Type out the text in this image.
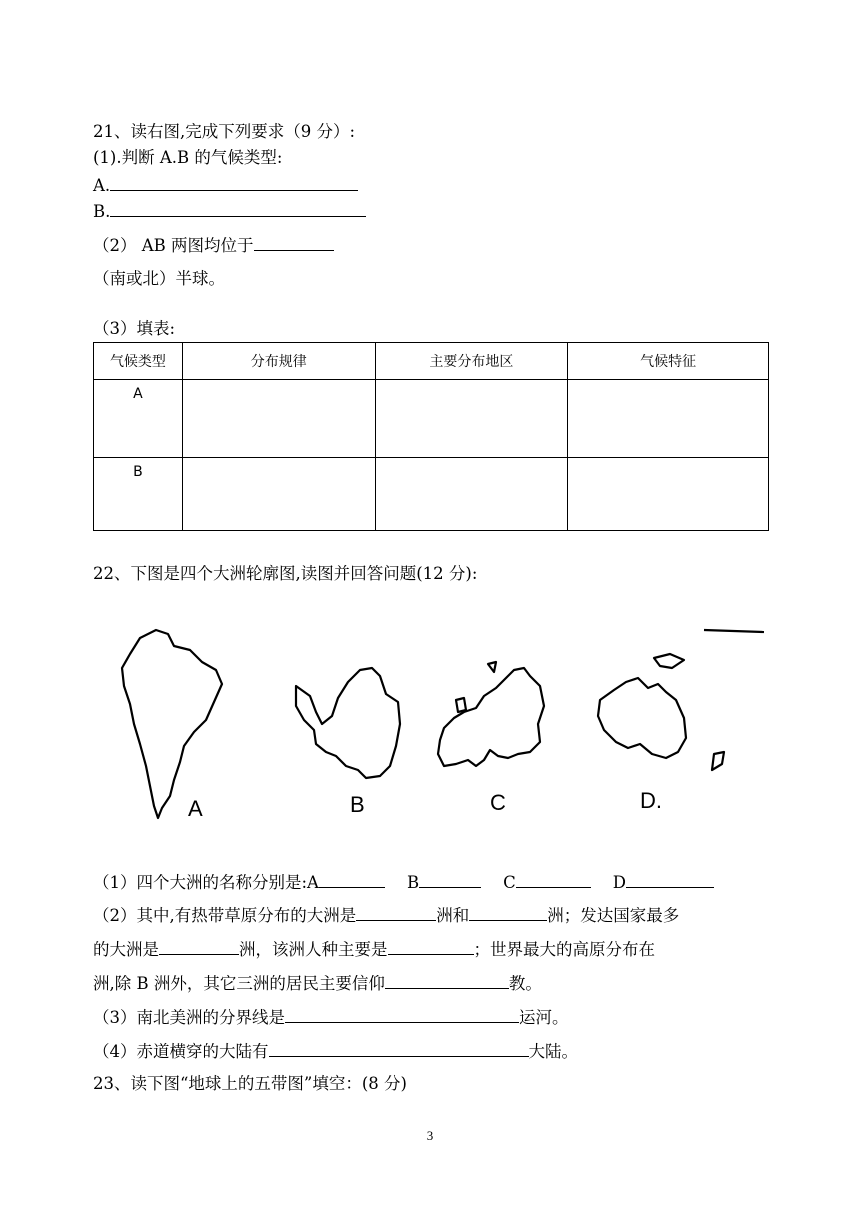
21、读右图,完成下列要求（9 分）:
(1).判断 A.B 的气候类型:
A.
B.
（2） AB 两图均位于
（南或北）半球。
（3）填表:
气候类型	分布规律	主要分布地区	气候特征
A			
B			
22、下图是四个大洲轮廓图,读图并回答问题(12 分):
A	B	C	D.
（1）四个大洲的名称分别是:A	B	C	D
（2）其中,有热带草原分布的大洲是	洲和	洲；发达国家最多
的大洲是	洲，该洲人种主要是	；世界最大的高原分布在
洲,除 B 洲外，其它三洲的居民主要信仰	教。
（3）南北美洲的分界线是	运河。
（4）赤道横穿的大陆有	大陆。
23、读下图“地球上的五带图”填空：(8 分)
3
